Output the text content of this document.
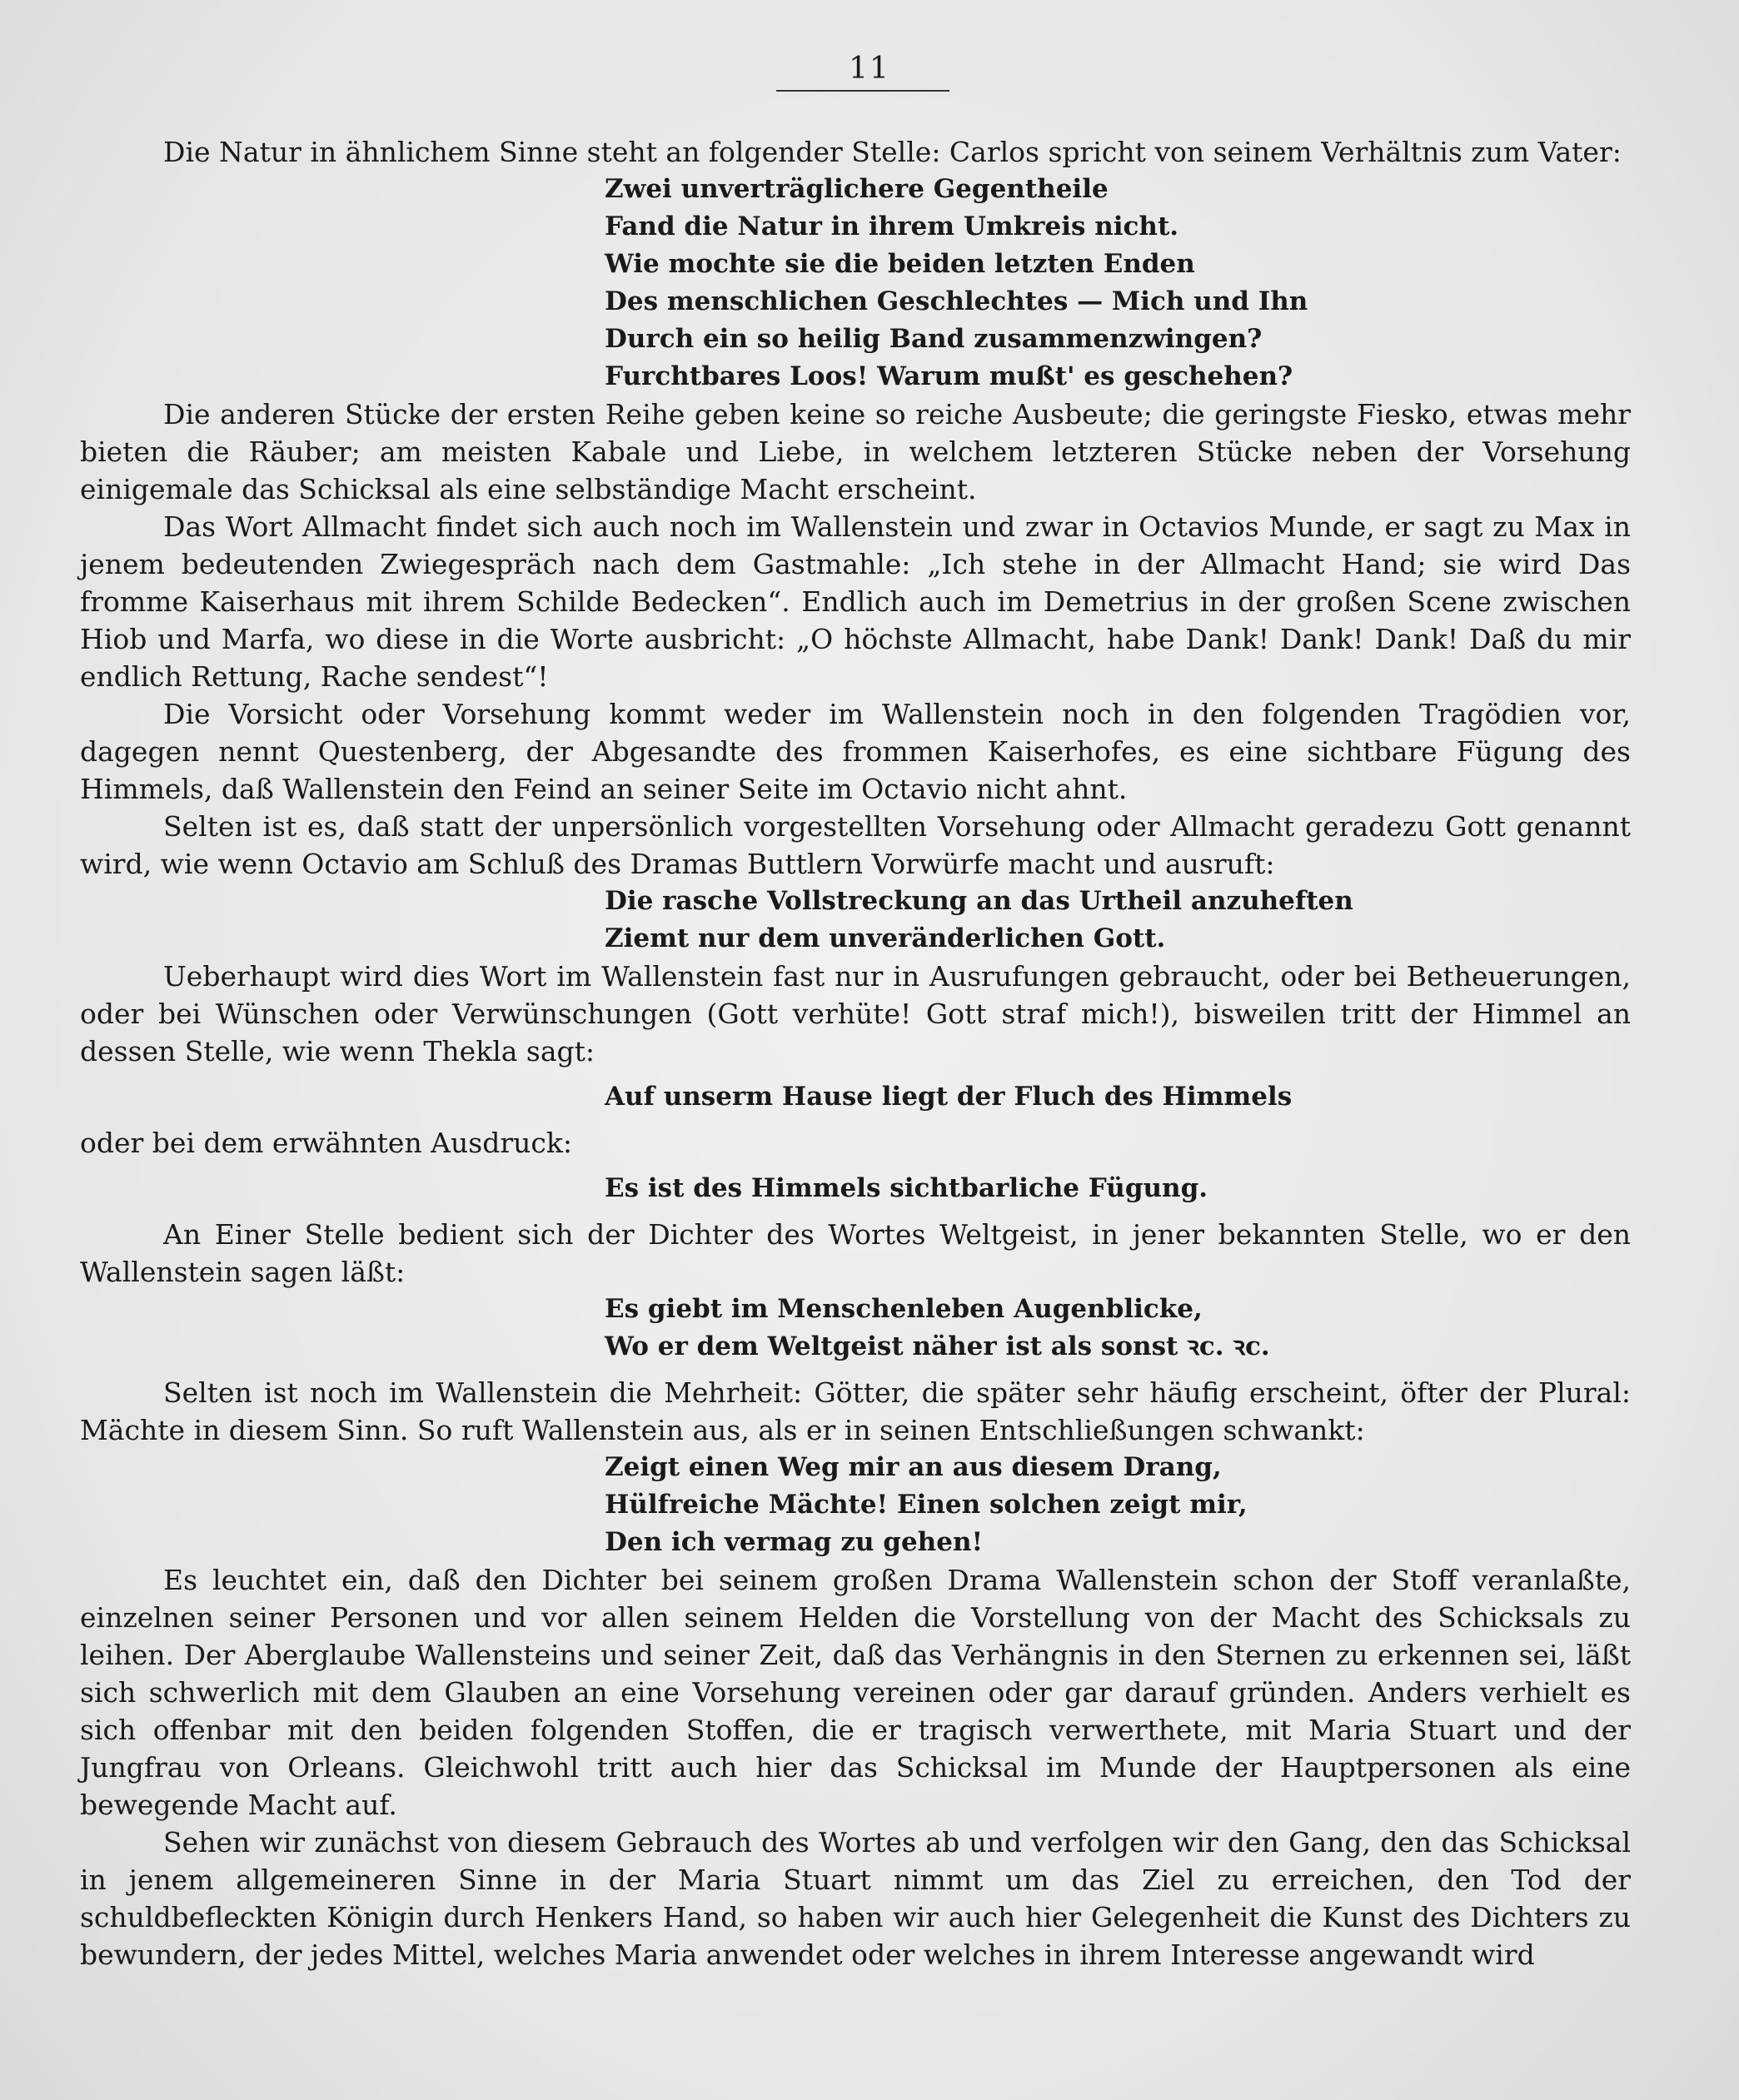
11

Die Natur in ähnlichem Sinne steht an folgender Stelle: Carlos spricht von seinem Verhältnis zum Vater:

Zwei unverträglichere Gegentheile
Fand die Natur in ihrem Umkreis nicht.
Wie mochte sie die beiden letzten Enden
Des menschlichen Geschlechtes — Mich und Ihn
Durch ein so heilig Band zusammenzwingen?
Furchtbares Loos! Warum mußt' es geschehen?

Die anderen Stücke der ersten Reihe geben keine so reiche Ausbeute; die geringste Fiesko, etwas mehr bieten die Räuber; am meisten Kabale und Liebe, in welchem letzteren Stücke neben der Vorsehung einigemale das Schicksal als eine selbständige Macht erscheint.

Das Wort Allmacht findet sich auch noch im Wallenstein und zwar in Octavios Munde, er sagt zu Max in jenem bedeutenden Zwiegespräch nach dem Gastmahle: „Ich stehe in der Allmacht Hand; sie wird Das fromme Kaiserhaus mit ihrem Schilde Bedecken“. Endlich auch im Demetrius in der großen Scene zwischen Hiob und Marfa, wo diese in die Worte ausbricht: „O höchste Allmacht, habe Dank! Dank! Dank! Daß du mir endlich Rettung, Rache sendest“!

Die Vorsicht oder Vorsehung kommt weder im Wallenstein noch in den folgenden Tragödien vor, dagegen nennt Questenberg, der Abgesandte des frommen Kaiserhofes, es eine sichtbare Fügung des Himmels, daß Wallenstein den Feind an seiner Seite im Octavio nicht ahnt.

Selten ist es, daß statt der unpersönlich vorgestellten Vorsehung oder Allmacht geradezu Gott genannt wird, wie wenn Octavio am Schluß des Dramas Buttlern Vorwürfe macht und ausruft:

Die rasche Vollstreckung an das Urtheil anzuheften
Ziemt nur dem unveränderlichen Gott.

Ueberhaupt wird dies Wort im Wallenstein fast nur in Ausrufungen gebraucht, oder bei Betheuerungen, oder bei Wünschen oder Verwünschungen (Gott verhüte! Gott straf mich!), bisweilen tritt der Himmel an dessen Stelle, wie wenn Thekla sagt:

Auf unserm Hause liegt der Fluch des Himmels

oder bei dem erwähnten Ausdruck:

Es ist des Himmels sichtbarliche Fügung.

An Einer Stelle bedient sich der Dichter des Wortes Weltgeist, in jener bekannten Stelle, wo er den Wallenstein sagen läßt:

Es giebt im Menschenleben Augenblicke,
Wo er dem Weltgeist näher ist als sonst ꝛc. ꝛc.

Selten ist noch im Wallenstein die Mehrheit: Götter, die später sehr häufig erscheint, öfter der Plural: Mächte in diesem Sinn. So ruft Wallenstein aus, als er in seinen Entschließungen schwankt:

Zeigt einen Weg mir an aus diesem Drang,
Hülfreiche Mächte! Einen solchen zeigt mir,
Den ich vermag zu gehen!

Es leuchtet ein, daß den Dichter bei seinem großen Drama Wallenstein schon der Stoff veranlaßte, einzelnen seiner Personen und vor allen seinem Helden die Vorstellung von der Macht des Schicksals zu leihen. Der Aberglaube Wallensteins und seiner Zeit, daß das Verhängnis in den Sternen zu erkennen sei, läßt sich schwerlich mit dem Glauben an eine Vorsehung vereinen oder gar darauf gründen. Anders verhielt es sich offenbar mit den beiden folgenden Stoffen, die er tragisch verwerthete, mit Maria Stuart und der Jungfrau von Orleans. Gleichwohl tritt auch hier das Schicksal im Munde der Hauptpersonen als eine bewegende Macht auf.

Sehen wir zunächst von diesem Gebrauch des Wortes ab und verfolgen wir den Gang, den das Schicksal in jenem allgemeineren Sinne in der Maria Stuart nimmt um das Ziel zu erreichen, den Tod der schuldbefleckten Königin durch Henkers Hand, so haben wir auch hier Gelegenheit die Kunst des Dichters zu bewundern, der jedes Mittel, welches Maria anwendet oder welches in ihrem Interesse angewandt wird
